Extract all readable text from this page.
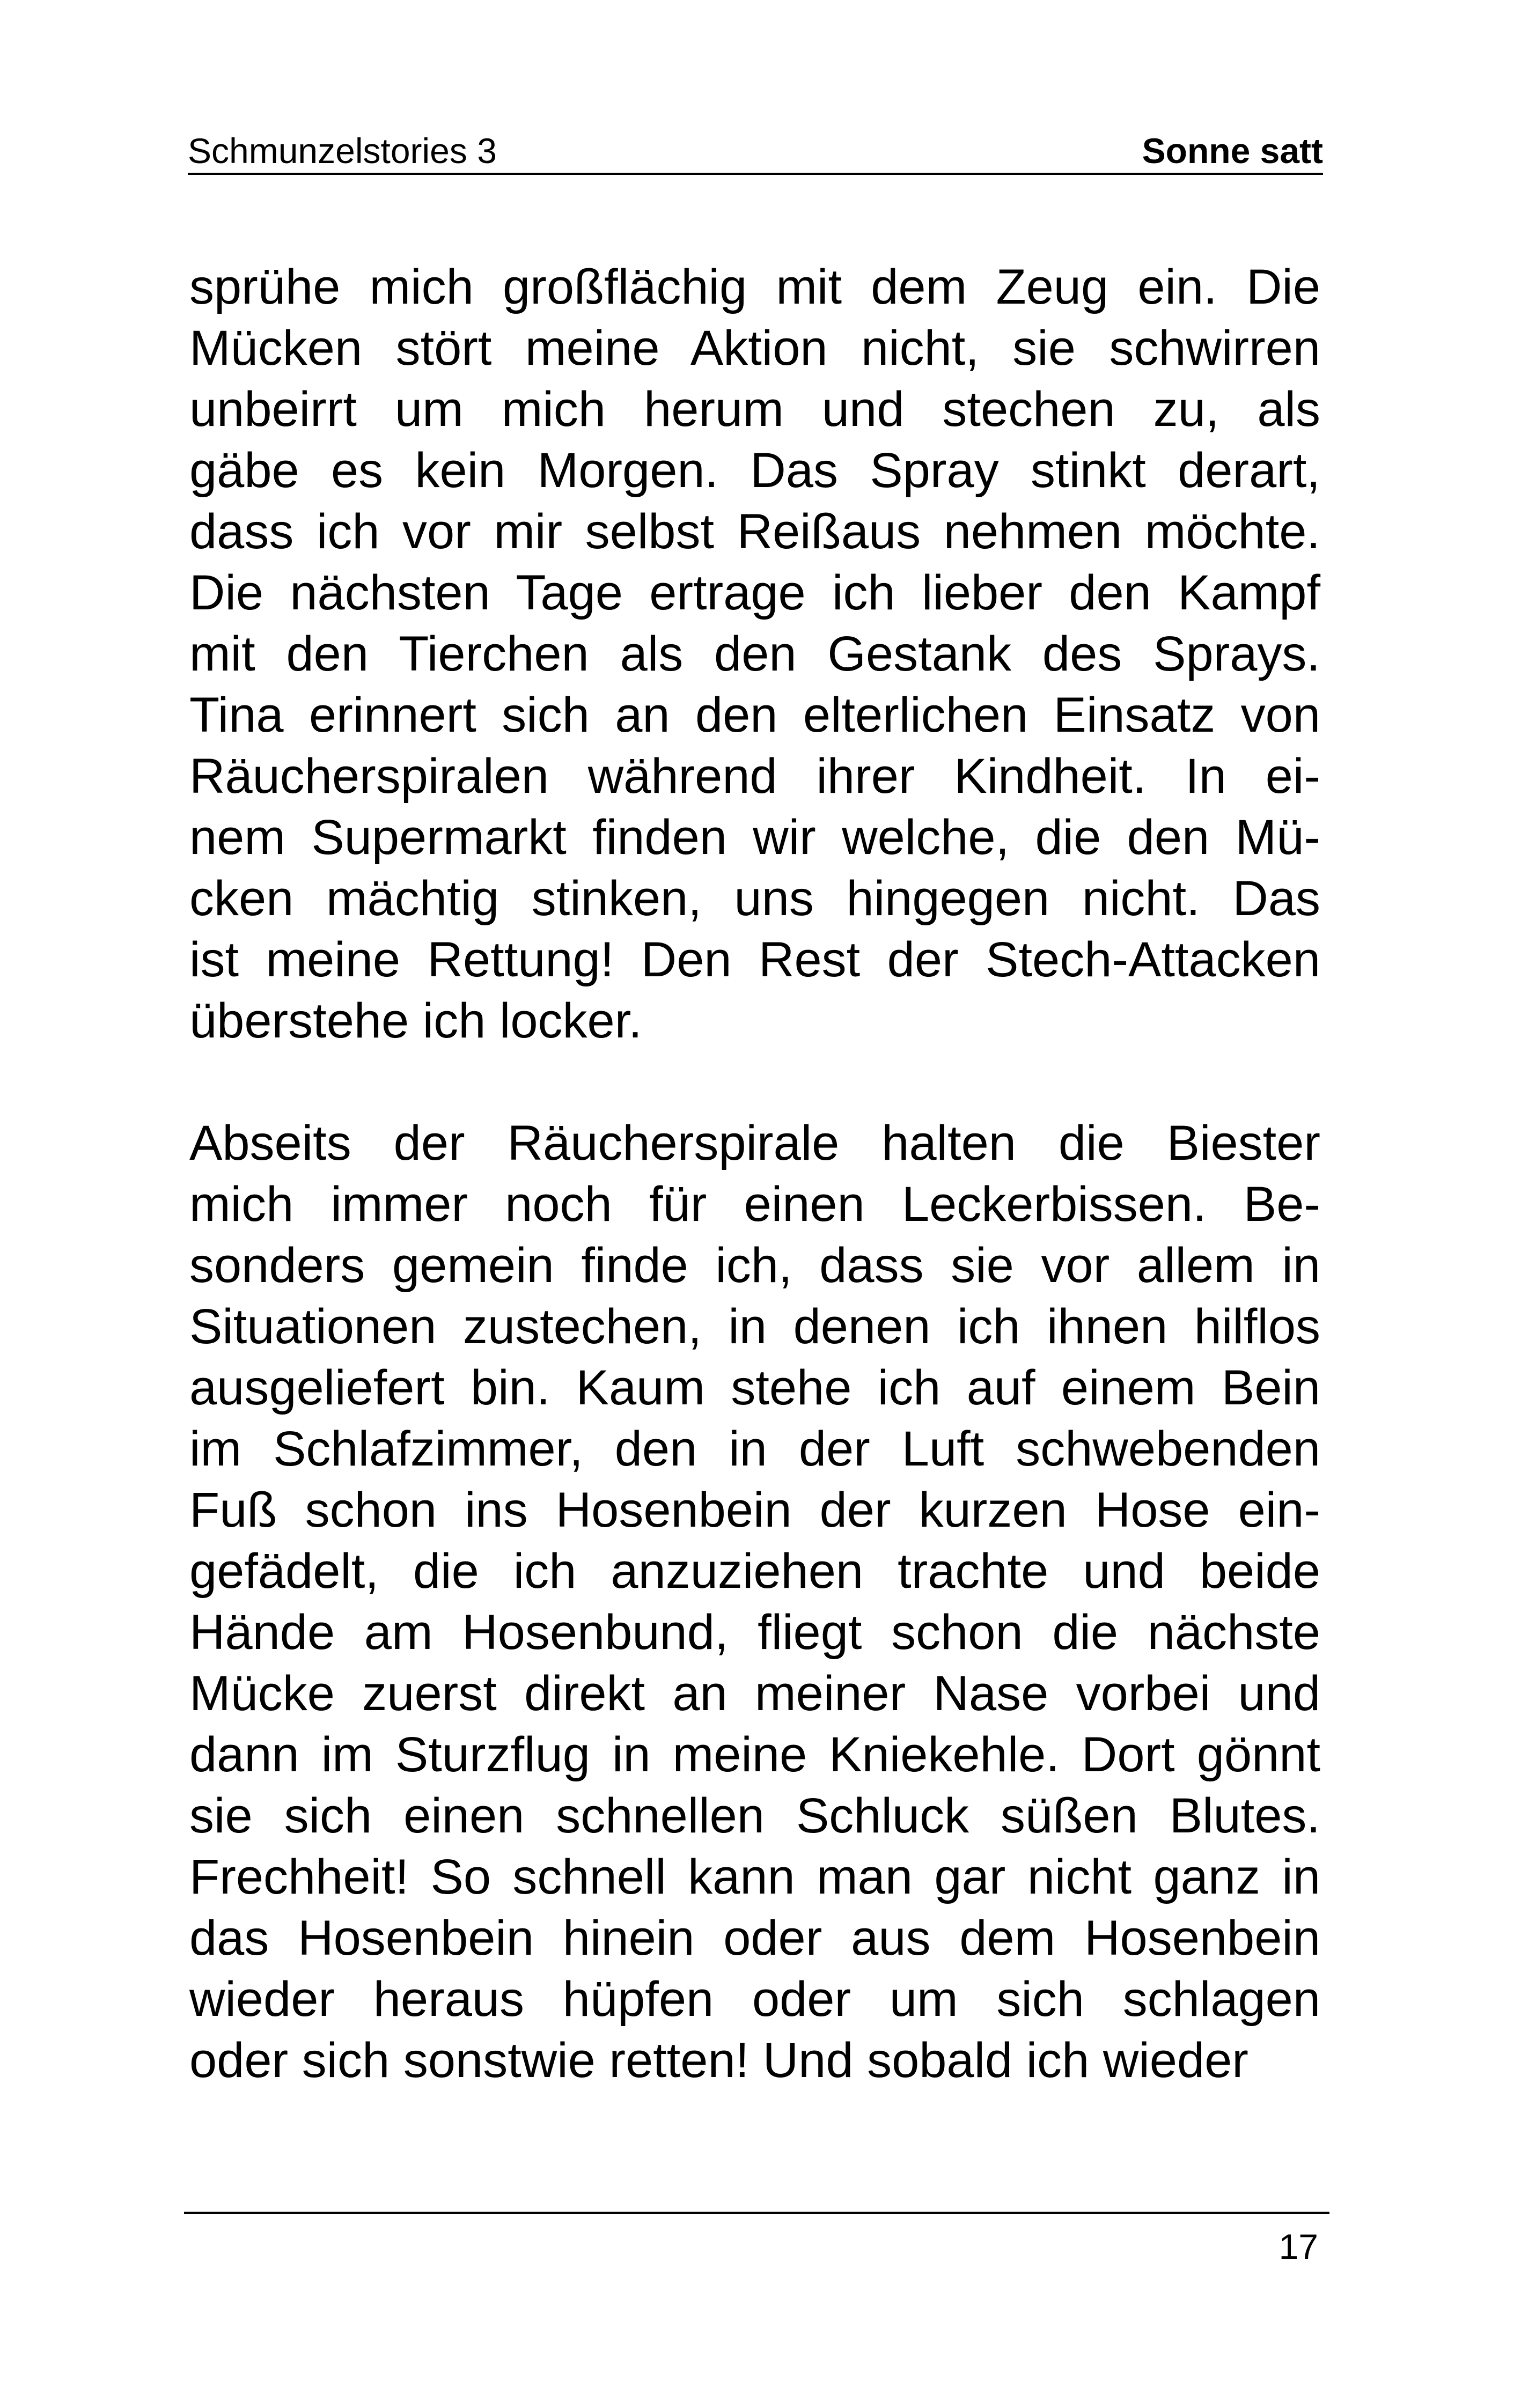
Schmunzelstories 3	Sonne satt

sprühe mich großflächig mit dem Zeug ein. Die
Mücken stört meine Aktion nicht, sie schwirren
unbeirrt um mich herum und stechen zu, als
gäbe es kein Morgen. Das Spray stinkt derart,
dass ich vor mir selbst Reißaus nehmen möchte.
Die nächsten Tage ertrage ich lieber den Kampf
mit den Tierchen als den Gestank des Sprays.
Tina erinnert sich an den elterlichen Einsatz von
Räucherspiralen während ihrer Kindheit. In ei-
nem Supermarkt finden wir welche, die den Mü-
cken mächtig stinken, uns hingegen nicht. Das
ist meine Rettung! Den Rest der Stech-Attacken
überstehe ich locker.

Abseits der Räucherspirale halten die Biester
mich immer noch für einen Leckerbissen. Be-
sonders gemein finde ich, dass sie vor allem in
Situationen zustechen, in denen ich ihnen hilflos
ausgeliefert bin. Kaum stehe ich auf einem Bein
im Schlafzimmer, den in der Luft schwebenden
Fuß schon ins Hosenbein der kurzen Hose ein-
gefädelt, die ich anzuziehen trachte und beide
Hände am Hosenbund, fliegt schon die nächste
Mücke zuerst direkt an meiner Nase vorbei und
dann im Sturzflug in meine Kniekehle. Dort gönnt
sie sich einen schnellen Schluck süßen Blutes.
Frechheit! So schnell kann man gar nicht ganz in
das Hosenbein hinein oder aus dem Hosenbein
wieder heraus hüpfen oder um sich schlagen
oder sich sonstwie retten! Und sobald ich wieder

17
